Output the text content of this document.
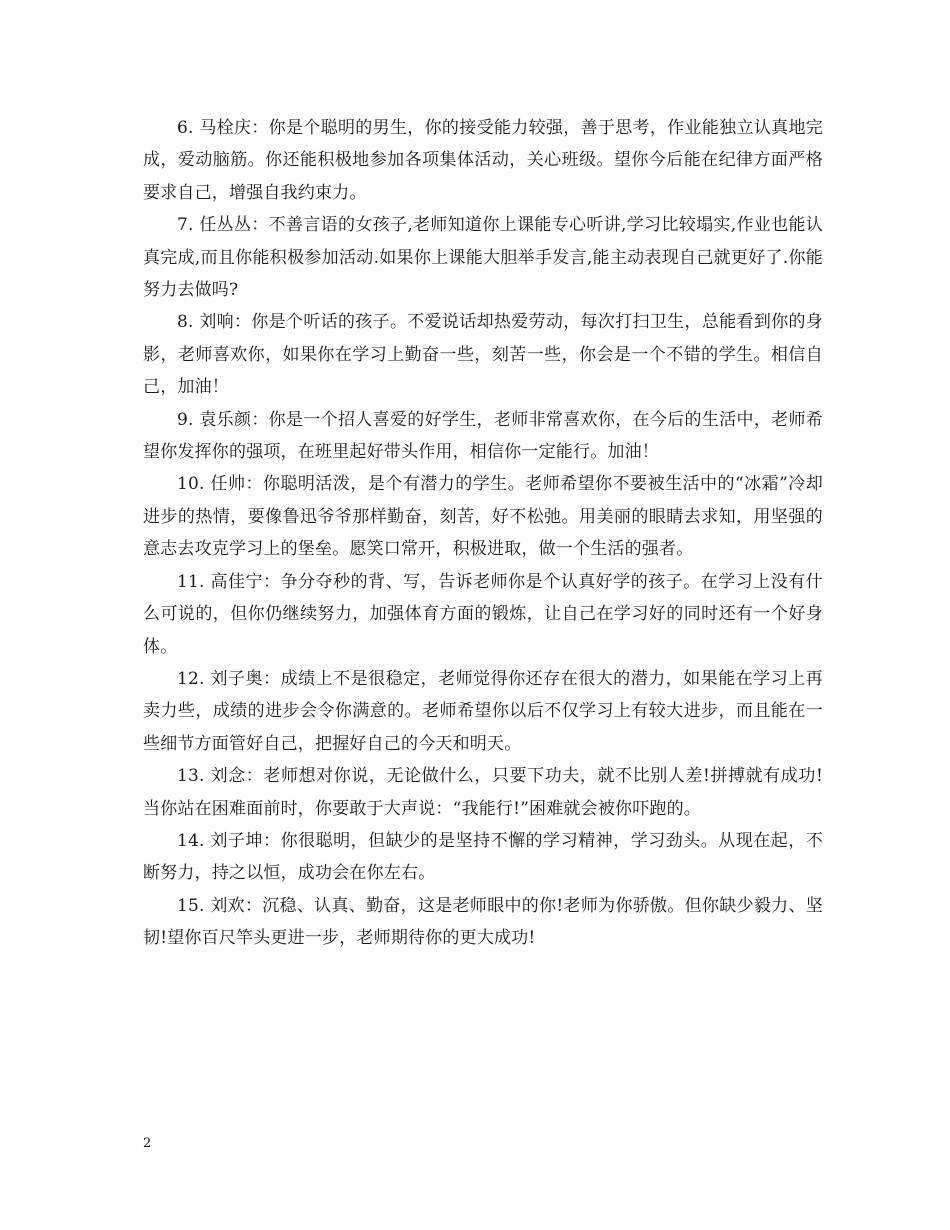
6. 马栓庆：你是个聪明的男生，你的接受能力较强，善于思考，作业能独立认真地完成，爱动脑筋。你还能积极地参加各项集体活动，关心班级。望你今后能在纪律方面严格要求自己，增强自我约束力。

7. 任丛丛：不善言语的女孩子,老师知道你上课能专心听讲,学习比较塌实,作业也能认真完成,而且你能积极参加活动.如果你上课能大胆举手发言,能主动表现自己就更好了.你能努力去做吗?

8. 刘响：你是个听话的孩子。不爱说话却热爱劳动，每次打扫卫生，总能看到你的身影，老师喜欢你，如果你在学习上勤奋一些，刻苦一些，你会是一个不错的学生。相信自己，加油！

9. 袁乐颜：你是一个招人喜爱的好学生，老师非常喜欢你，在今后的生活中，老师希望你发挥你的强项，在班里起好带头作用，相信你一定能行。加油！

10. 任帅：你聪明活泼，是个有潜力的学生。老师希望你不要被生活中的“冰霜”冷却进步的热情，要像鲁迅爷爷那样勤奋，刻苦，好不松弛。用美丽的眼睛去求知，用坚强的意志去攻克学习上的堡垒。愿笑口常开，积极进取，做一个生活的强者。

11. 高佳宁：争分夺秒的背、写，告诉老师你是个认真好学的孩子。在学习上没有什么可说的，但你仍继续努力，加强体育方面的锻炼，让自己在学习好的同时还有一个好身体。

12. 刘子奥：成绩上不是很稳定，老师觉得你还存在很大的潜力，如果能在学习上再卖力些，成绩的进步会令你满意的。老师希望你以后不仅学习上有较大进步，而且能在一些细节方面管好自己，把握好自己的今天和明天。

13. 刘念：老师想对你说，无论做什么，只要下功夫，就不比别人差!拼搏就有成功!当你站在困难面前时，你要敢于大声说：“我能行!”困难就会被你吓跑的。

14. 刘子坤：你很聪明，但缺少的是坚持不懈的学习精神，学习劲头。从现在起，不断努力，持之以恒，成功会在你左右。

15. 刘欢：沉稳、认真、勤奋，这是老师眼中的你!老师为你骄傲。但你缺少毅力、坚韧!望你百尺竿头更进一步，老师期待你的更大成功!

2
